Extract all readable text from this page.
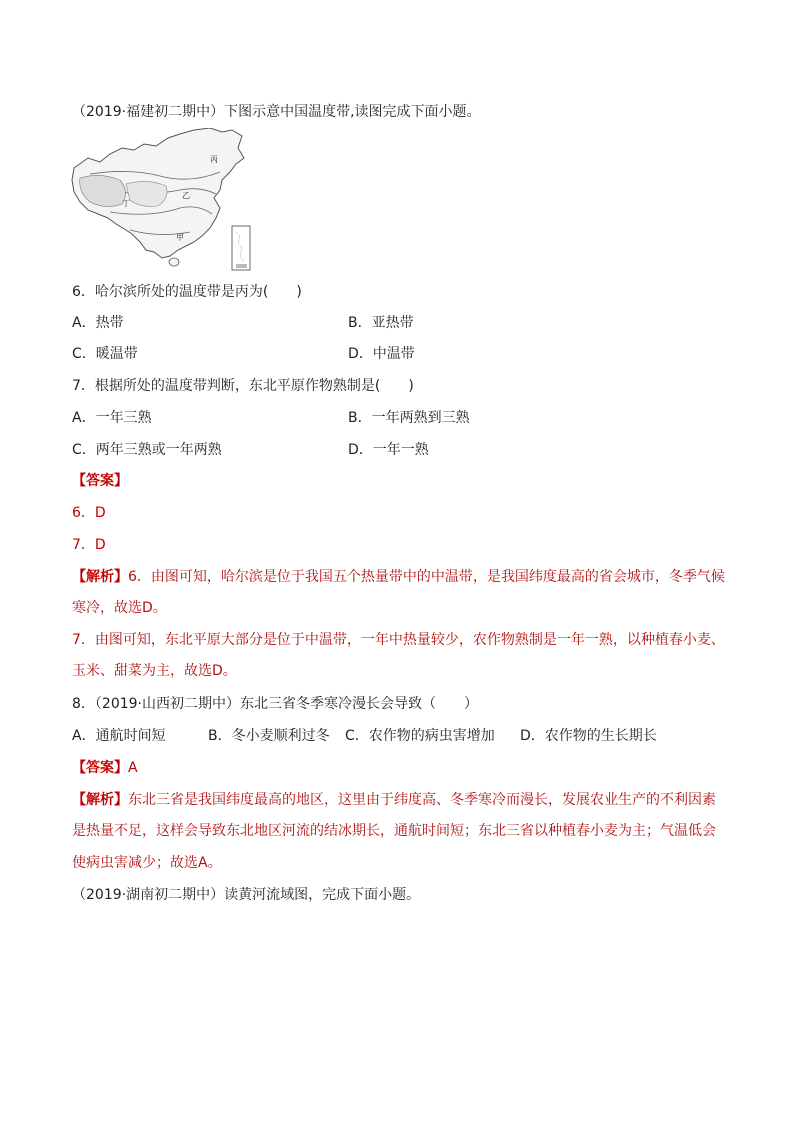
（2019·福建初二期中）下图示意中国温度带,读图完成下面小题。
丙
乙
丁
甲
6．哈尔滨所处的温度带是丙为(　　)
A．热带	B．亚热带
C．暖温带	D．中温带
7．根据所处的温度带判断，东北平原作物熟制是(　　)
A．一年三熟	B．一年两熟到三熟
C．两年三熟或一年两熟	D．一年一熟
【答案】
6．D
7．D
【解析】6．由图可知，哈尔滨是位于我国五个热量带中的中温带，是我国纬度最高的省会城市，冬季气候
寒冷，故选D。
7．由图可知，东北平原大部分是位于中温带，一年中热量较少，农作物熟制是一年一熟，以种植春小麦、
玉米、甜菜为主，故选D。
8．（2019·山西初二期中）东北三省冬季寒冷漫长会导致（　　）
A．通航时间短	B．冬小麦顺利过冬 C．农作物的病虫害增加 D．农作物的生长期长
【答案】A
【解析】东北三省是我国纬度最高的地区，这里由于纬度高、冬季寒冷而漫长，发展农业生产的不利因素
是热量不足，这样会导致东北地区河流的结冰期长，通航时间短；东北三省以种植春小麦为主；气温低会
使病虫害减少；故选A。
（2019·湖南初二期中）读黄河流域图，完成下面小题。
